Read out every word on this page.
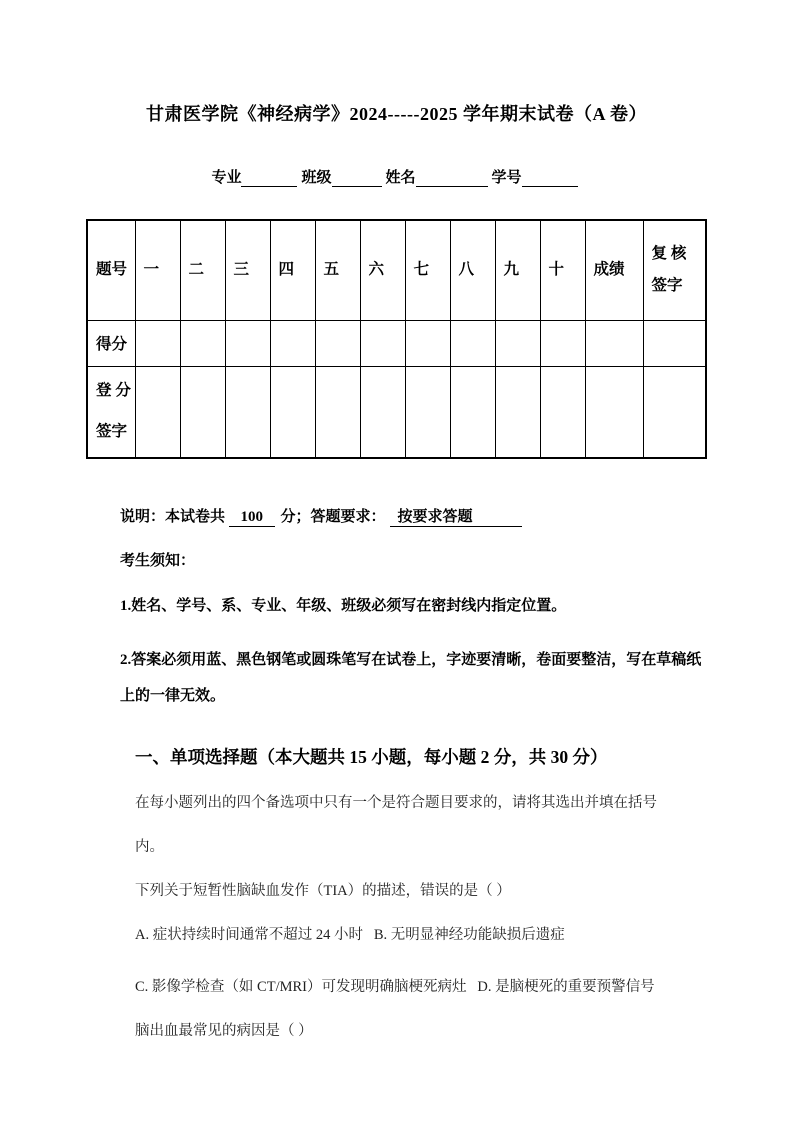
甘肃医学院《神经病学》2024-----2025 学年期末试卷（A 卷）
专业	班级	姓名	学号
题号	一	二	三	四	五	六	七	八	九	十	成绩	复 核 签字
得分												
登 分 签字												

说明：本试卷共 100 分；答题要求： 按要求答题

考生须知：

1.姓名、学号、系、专业、年级、班级必须写在密封线内指定位置。

2.答案必须用蓝、黑色钢笔或圆珠笔写在试卷上，字迹要清晰，卷面要整洁，写在草稿纸上的一律无效。

一、单项选择题（本大题共 15 小题，每小题 2 分，共 30 分）

在每小题列出的四个备选项中只有一个是符合题目要求的，请将其选出并填在括号内。

下列关于短暂性脑缺血发作（TIA）的描述，错误的是（ ）

A. 症状持续时间通常不超过 24 小时   B. 无明显神经功能缺损后遗症

C. 影像学检查（如 CT/MRI）可发现明确脑梗死病灶   D. 是脑梗死的重要预警信号

脑出血最常见的病因是（ ）
